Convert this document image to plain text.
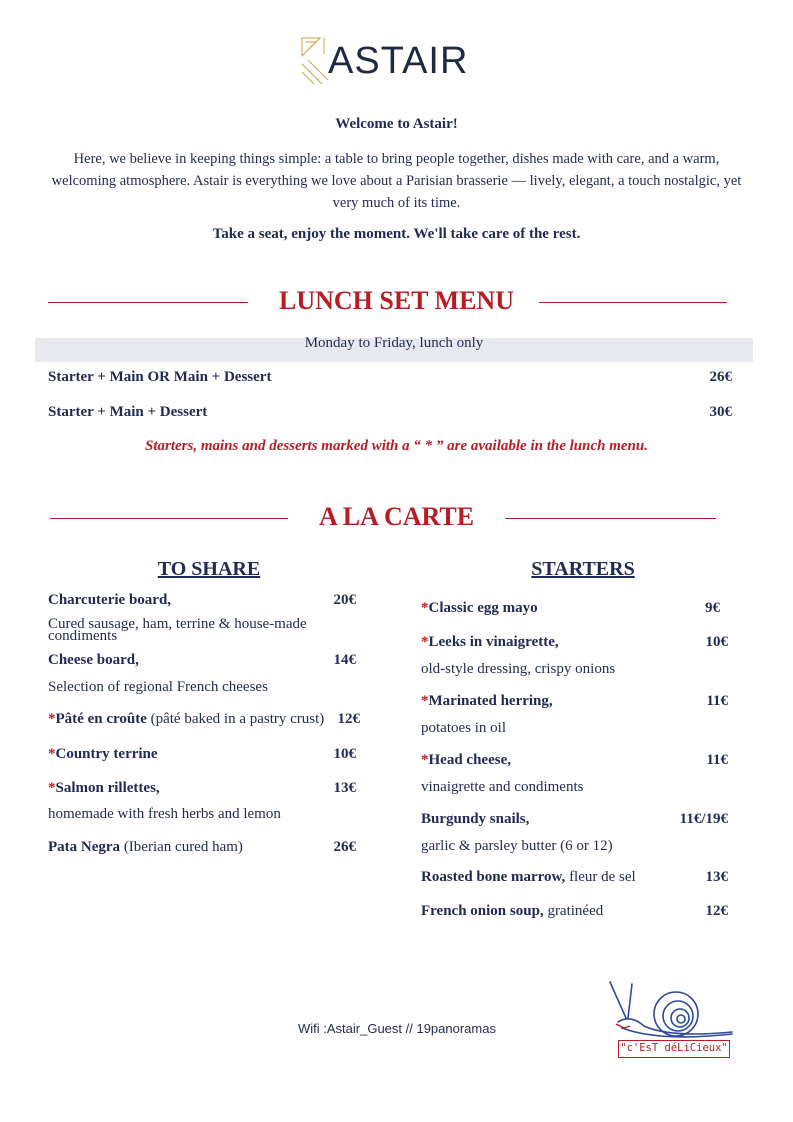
ASTAIR
Welcome to Astair!
Here, we believe in keeping things simple: a table to bring people together, dishes made with care, and a warm, welcoming atmosphere. Astair is everything we love about a Parisian brasserie — lively, elegant, a touch nostalgic, yet very much of its time.
Take a seat, enjoy the moment. We'll take care of the rest.
LUNCH SET MENU
Monday to Friday, lunch only
Starter + Main OR Main + Dessert	26€
Starter + Main + Dessert	30€
Starters, mains and desserts marked with a “ * ” are available in the lunch menu.
A LA CARTE
TO SHARE
Charcuterie board,	20€
Cured sausage, ham, terrine & house-made condiments
Cheese board,	14€
Selection of regional French cheeses
*Pâté en croûte (pâté baked in a pastry crust) 12€
*Country terrine	10€
*Salmon rillettes,	13€
homemade with fresh herbs and lemon
Pata Negra (Iberian cured ham)	26€
STARTERS
*Classic egg mayo	9€
*Leeks in vinaigrette,	10€
old-style dressing, crispy onions
*Marinated herring,	11€
potatoes in oil
*Head cheese,	11€
vinaigrette and condiments
Burgundy snails,	11€/19€
garlic & parsley butter (6 or 12)
Roasted bone marrow, fleur de sel	13€
French onion soup, gratinéed	12€
Wifi :Astair_Guest // 19panoramas
"c'EsT déLiCieux"
